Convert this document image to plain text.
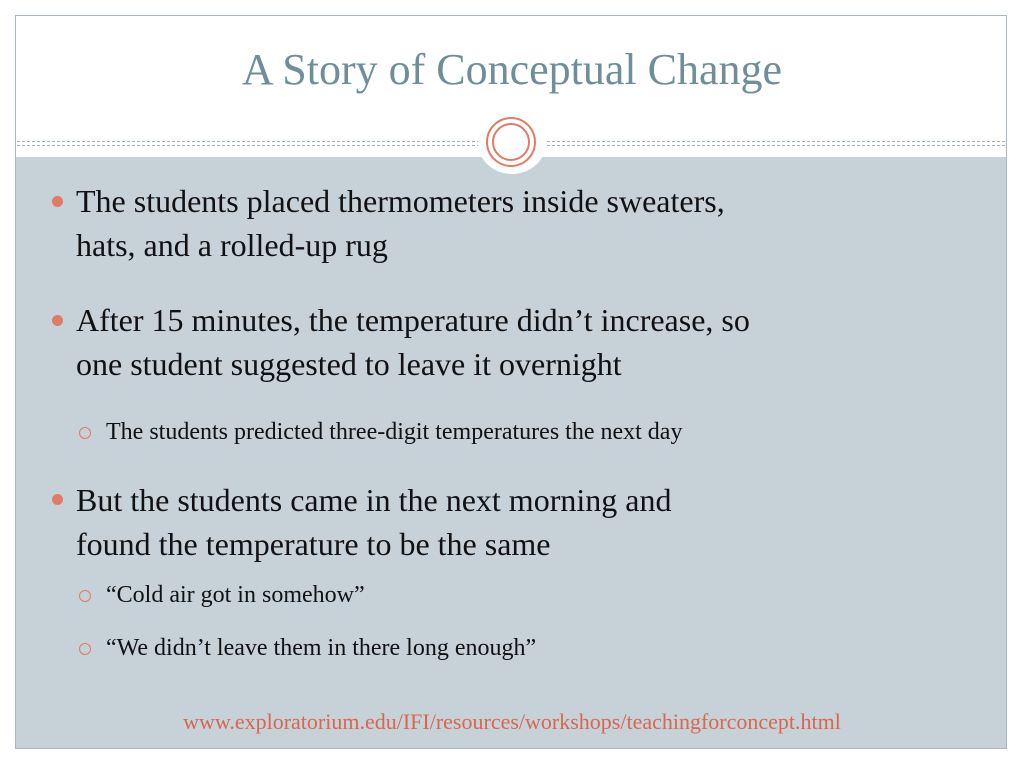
A Story of Conceptual Change
The students placed thermometers inside sweaters,
hats, and a rolled-up rug
After 15 minutes, the temperature didn’t increase, so
one student suggested to leave it overnight
The students predicted three-digit temperatures the next day
But the students came in the next morning and
found the temperature to be the same
“Cold air got in somehow”
“We didn’t leave them in there long enough”
www.exploratorium.edu/IFI/resources/workshops/teachingforconcept.html
